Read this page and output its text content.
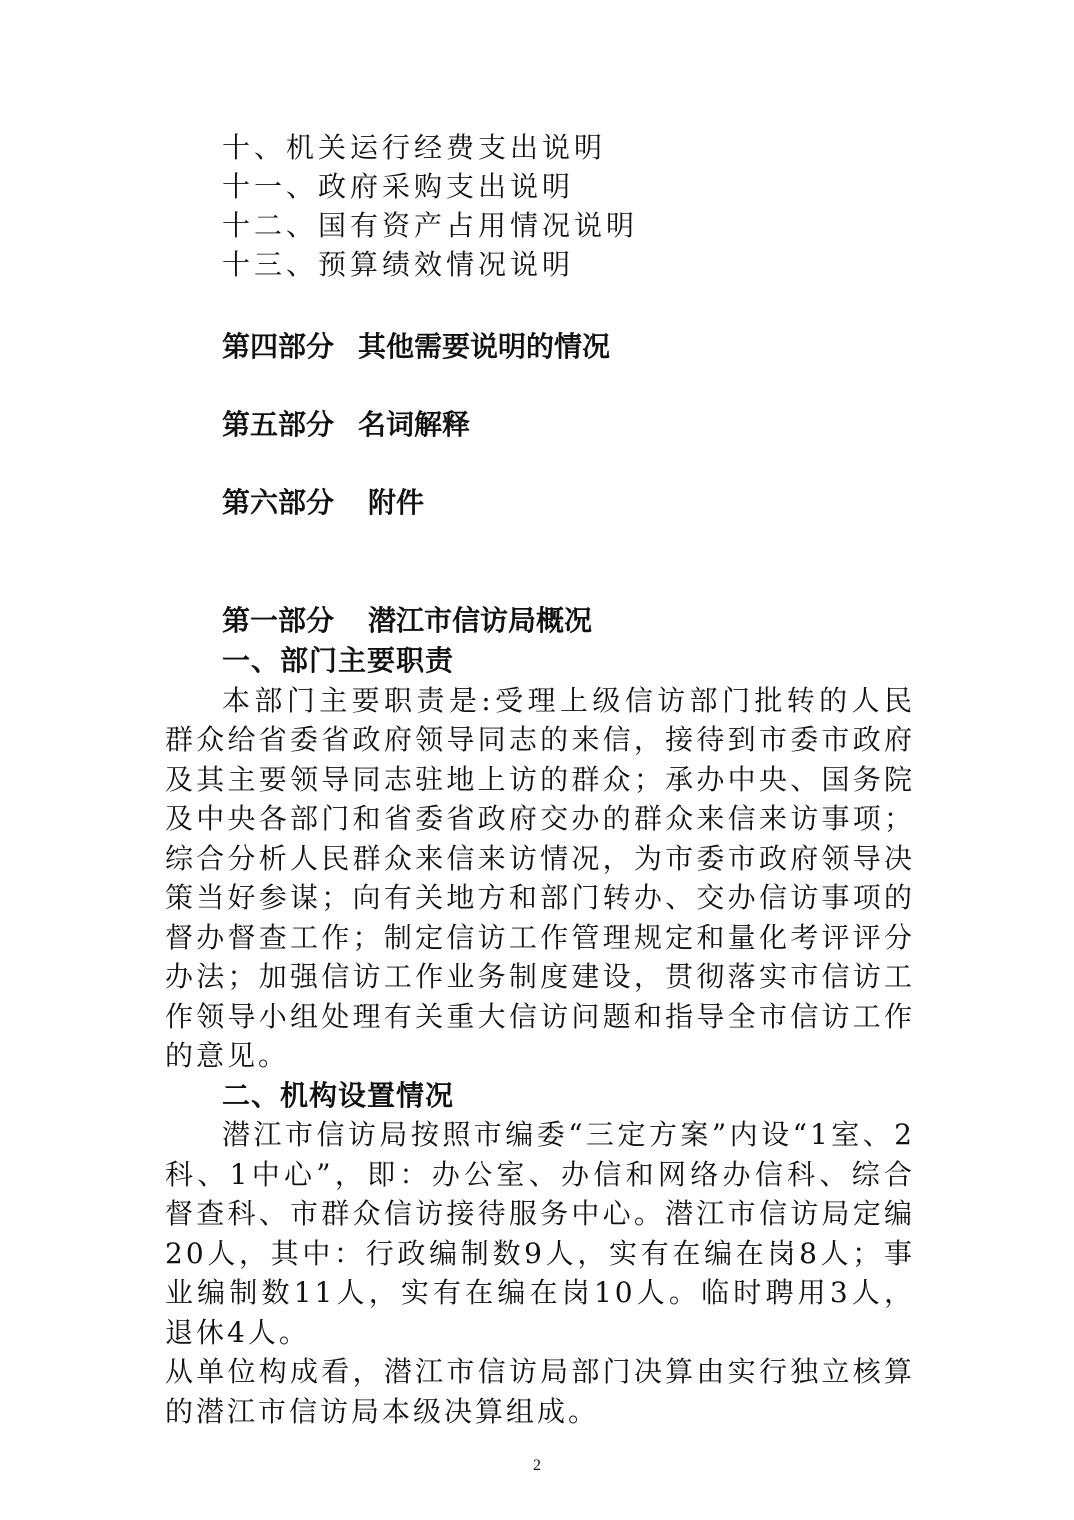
十、机关运行经费支出说明
十一、政府采购支出说明
十二、国有资产占用情况说明
十三、预算绩效情况说明
第四部分 其他需要说明的情况
第五部分 名词解释
第六部分 附件
第一部分 潜江市信访局概况
一、部门主要职责

本部门主要职责是:受理上级信访部门批转的人民群众给省委省政府领导同志的来信，接待到市委市政府及其主要领导同志驻地上访的群众；承办中央、国务院及中央各部门和省委省政府交办的群众来信来访事项；综合分析人民群众来信来访情况，为市委市政府领导决策当好参谋；向有关地方和部门转办、交办信访事项的督办督查工作；制定信访工作管理规定和量化考评评分办法；加强信访工作业务制度建设，贯彻落实市信访工作领导小组处理有关重大信访问题和指导全市信访工作的意见。

二、机构设置情况

潜江市信访局按照市编委“三定方案”内设“1室、2科、1中心”，即：办公室、办信和网络办信科、综合督查科、市群众信访接待服务中心。潜江市信访局定编20人，其中：行政编制数9人，实有在编在岗8人；事业编制数11人，实有在编在岗10人。临时聘用3人，退休4人。

从单位构成看，潜江市信访局部门决算由实行独立核算的潜江市信访局本级决算组成。

2
